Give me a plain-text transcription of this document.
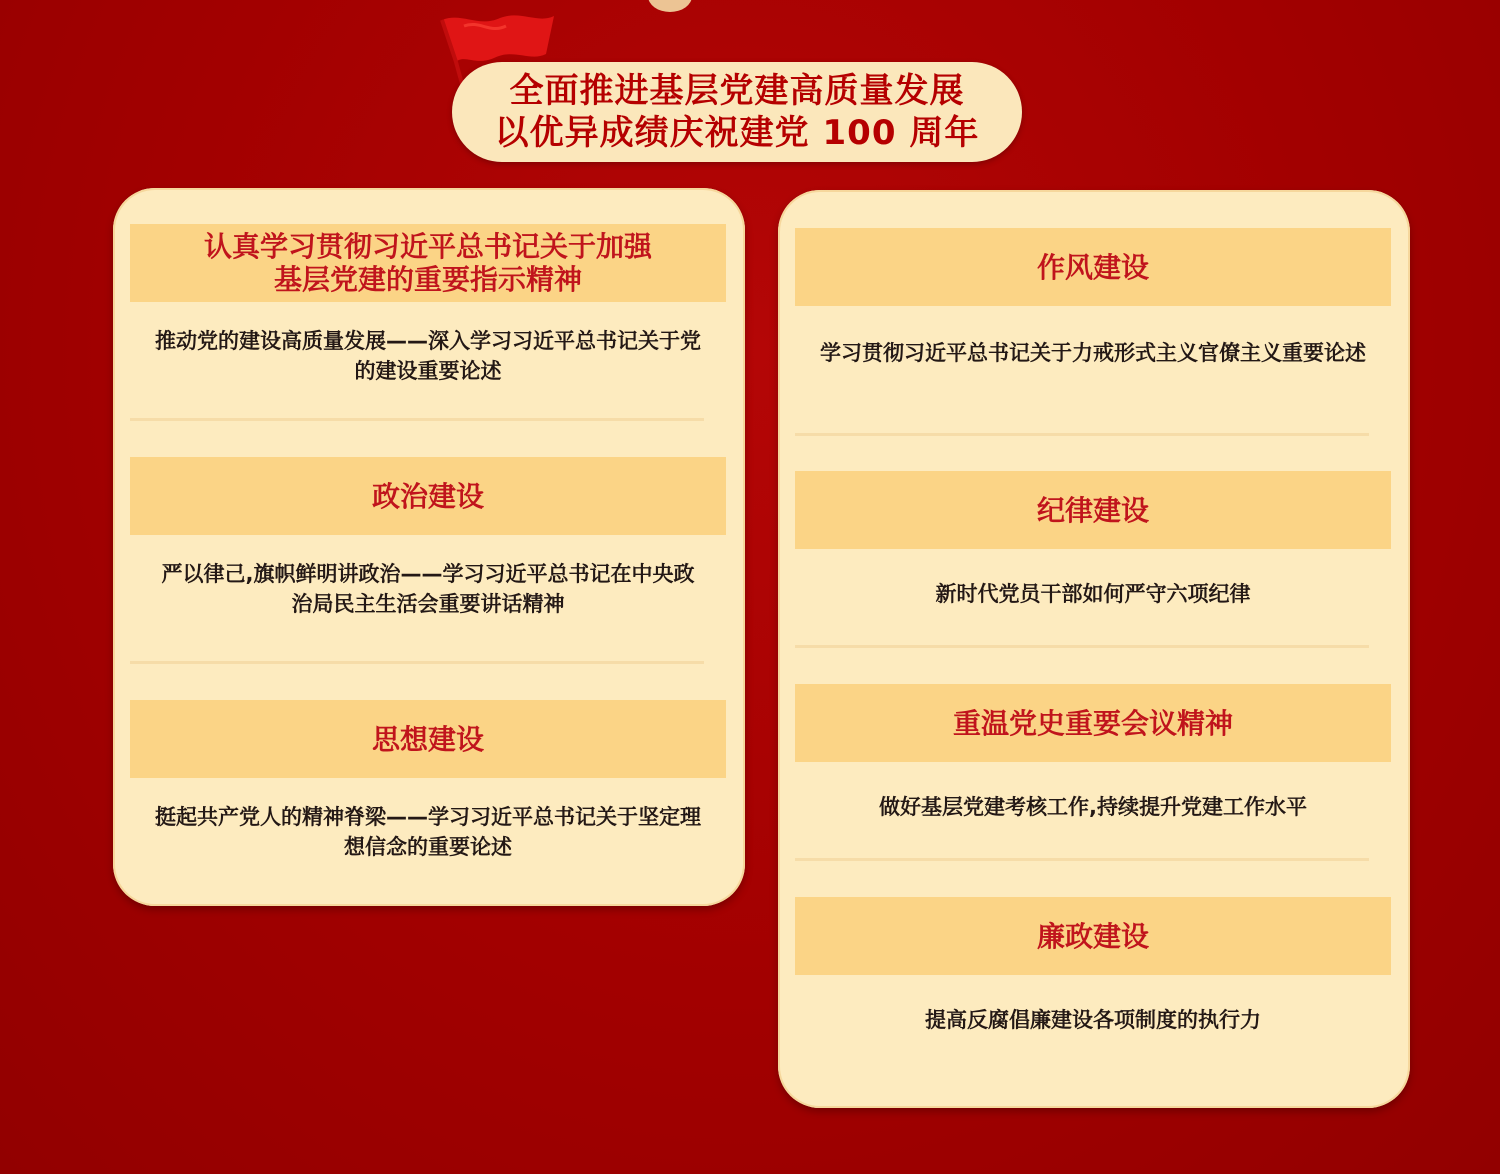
全面推进基层党建高质量发展
以优异成绩庆祝建党 100 周年
认真学习贯彻习近平总书记关于加强
基层党建的重要指示精神
推动党的建设高质量发展——深入学习习近平总书记关于党的建设重要论述
政治建设
严以律己,旗帜鲜明讲政治——学习习近平总书记在中央政治局民主生活会重要讲话精神
思想建设
挺起共产党人的精神脊梁——学习习近平总书记关于坚定理想信念的重要论述
作风建设
学习贯彻习近平总书记关于力戒形式主义官僚主义重要论述
纪律建设
新时代党员干部如何严守六项纪律
重温党史重要会议精神
做好基层党建考核工作,持续提升党建工作水平
廉政建设
提高反腐倡廉建设各项制度的执行力
